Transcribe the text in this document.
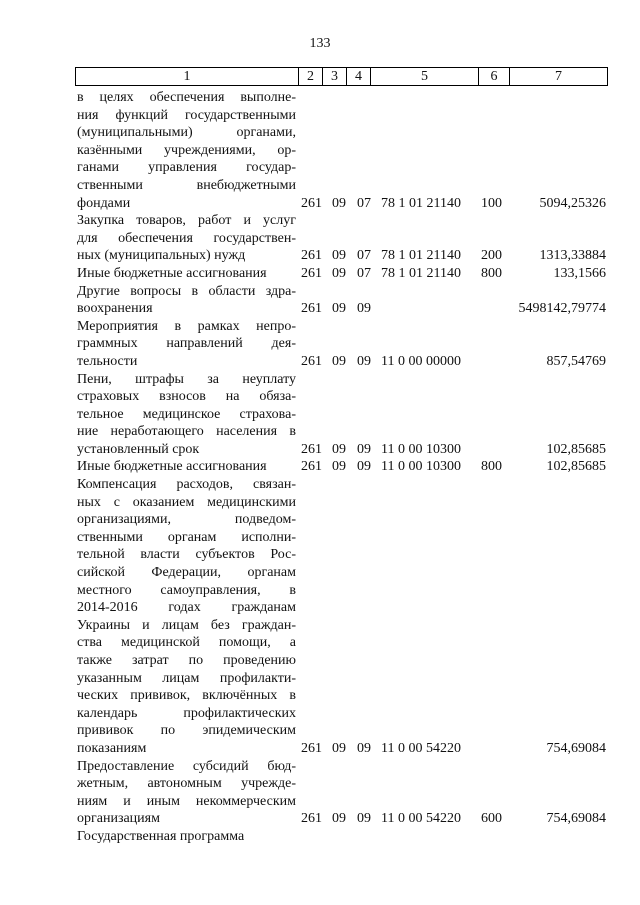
133
1	2	3	4	5	6	7
в целях обеспечения выполне-
ния функций государственными
(муниципальными) органами,
казёнными учреждениями, ор-
ганами управления государ-
ственными внебюджетными
фондами	261 09 07 78 1 01 21140 100	5094,25326
Закупка товаров, работ и услуг
для обеспечения государствен-
ных (муниципальных) нужд	261 09 07 78 1 01 21140 200	1313,33884
Иные бюджетные ассигнования	261 09 07 78 1 01 21140 800	133,1566
Другие вопросы в области здра-
воохранения	261 09 09	5498142,79774
Мероприятия в рамках непро-
граммных направлений дея-
тельности	261 09 09 11 0 00 00000	857,54769
Пени, штрафы за неуплату
страховых взносов на обяза-
тельное медицинское страхова-
ние неработающего населения в
установленный срок	261 09 09 11 0 00 10300	102,85685
Иные бюджетные ассигнования	261 09 09 11 0 00 10300 800	102,85685
Компенсация расходов, связан-
ных с оказанием медицинскими
организациями, подведом-
ственными органам исполни-
тельной власти субъектов Рос-
сийской Федерации, органам
местного самоуправления, в
2014-2016 годах гражданам
Украины и лицам без граждан-
ства медицинской помощи, а
также затрат по проведению
указанным лицам профилакти-
ческих прививок, включённых в
календарь профилактических
прививок по эпидемическим
показаниям	261 09 09 11 0 00 54220	754,69084
Предоставление субсидий бюд-
жетным, автономным учрежде-
ниям и иным некоммерческим
организациям	261 09 09 11 0 00 54220 600	754,69084
Государственная программа
